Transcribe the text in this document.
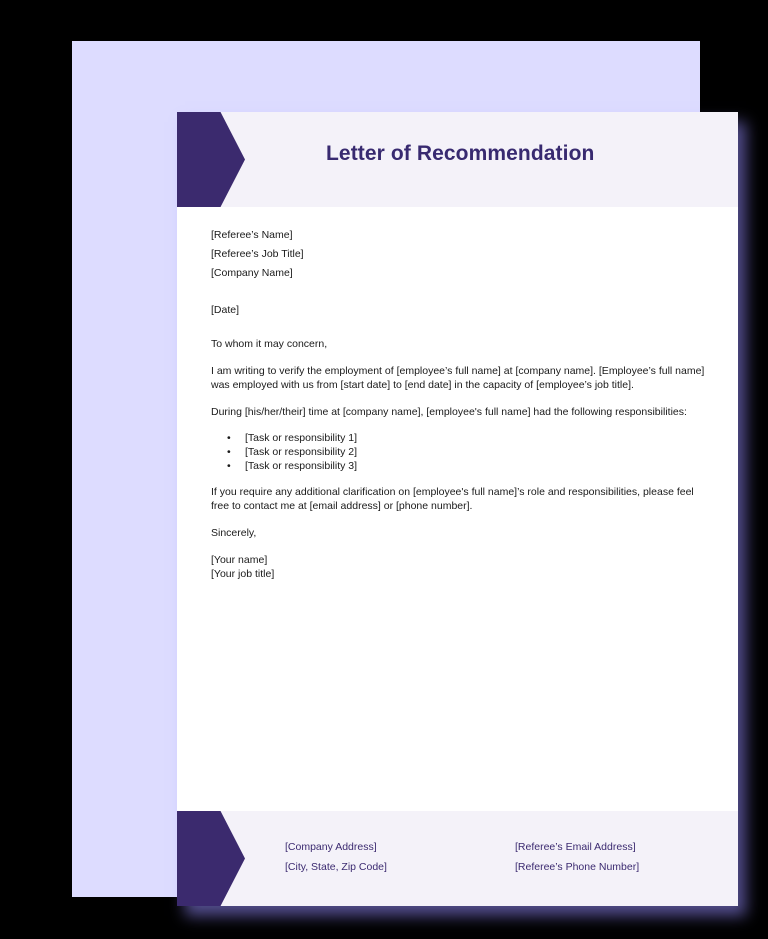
Letter of Recommendation

[Referee’s Name]

[Referee’s Job Title]

[Company Name]

[Date]

To whom it may concern,

I am writing to verify the employment of [employee’s full name] at [company name]. [Employee’s full name] was employed with us from [start date] to [end date] in the capacity of [employee’s job title].

During [his/her/their] time at [company name], [employee's full name] had the following responsibilities:

• [Task or responsibility 1]
• [Task or responsibility 2]
• [Task or responsibility 3]

If you require any additional clarification on [employee's full name]’s role and responsibilities, please feel free to contact me at [email address] or [phone number].

Sincerely,

[Your name]

[Your job title]

[Company Address]
[City, State, Zip Code]
[Referee’s Email Address]
[Referee’s Phone Number]
